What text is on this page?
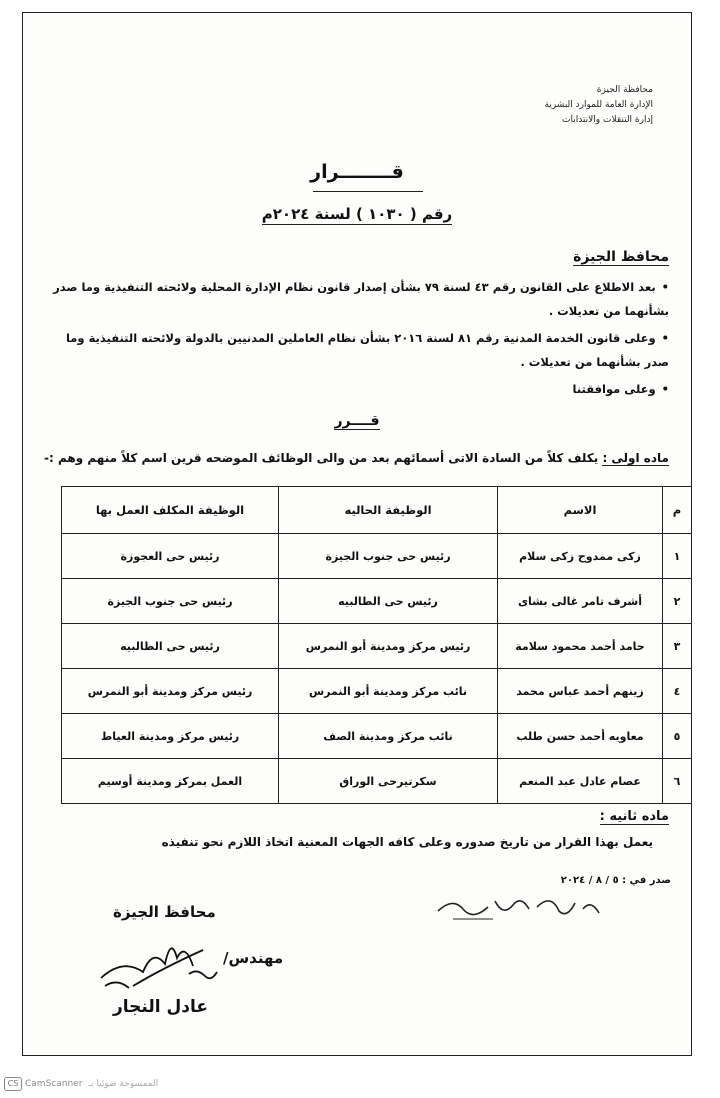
محافظة الجيزة
الإدارة العامة للموارد البشرية
إدارة التنقلات والانتدابات
قــــــــرار
رقم ( ١٠٣٠ ) لسنة ٢٠٢٤م
محافظ الجيزة
• بعد الاطلاع على القانون رقم ٤٣ لسنة ٧٩ بشأن إصدار قانون نظام الإدارة المحلية ولائحته التنفيذية وما صدر بشأنهما من تعديلات .
• وعلى قانون الخدمة المدنية رقم ٨١ لسنة ٢٠١٦ بشأن نظام العاملين المدنيين بالدولة ولائحته التنفيذية وما صدر بشأنهما من تعديلات .
• وعلى موافقتنا
قــــرر
ماده اولى : يكلف كلاً من السادة الاتى أسمائهم بعد من والى الوظائف الموضحه قرين اسم كلاً منهم وهم :-
م	الاسم	الوظيفة الحاليه	الوظيفة المكلف العمل بها
١	زكى ممدوح زكى سلام	رئيس حى جنوب الجيزة	رئيس حى العجوزة
٢	أشرف تامر غالى بشاى	رئيس حى الطالبيه	رئيس حى جنوب الجيزة
٣	حامد أحمد محمود سلامة	رئيس مركز ومدينة أبو النمرس	رئيس حى الطالبيه
٤	زينهم أحمد عباس محمد	نائب مركز ومدينة أبو النمرس	رئيس مركز ومدينة أبو النمرس
٥	معاويه أحمد حسن طلب	نائب مركز ومدينة الصف	رئيس مركز ومدينة العياط
٦	عصام عادل عبد المنعم	سكرتيرحى الوراق	العمل بمركز ومدينة أوسيم
ماده ثانيه :
يعمل بهذا القرار من تاريخ صدوره وعلى كافه الجهات المعنية اتخاذ اللازم نحو تنفيذه
صدر في : ٥ / ٨ / ٢٠٢٤
محافظ الجيزة
مهندس/
عادل النجار
CS CamScanner الممسوحة ضوئيا بـ
